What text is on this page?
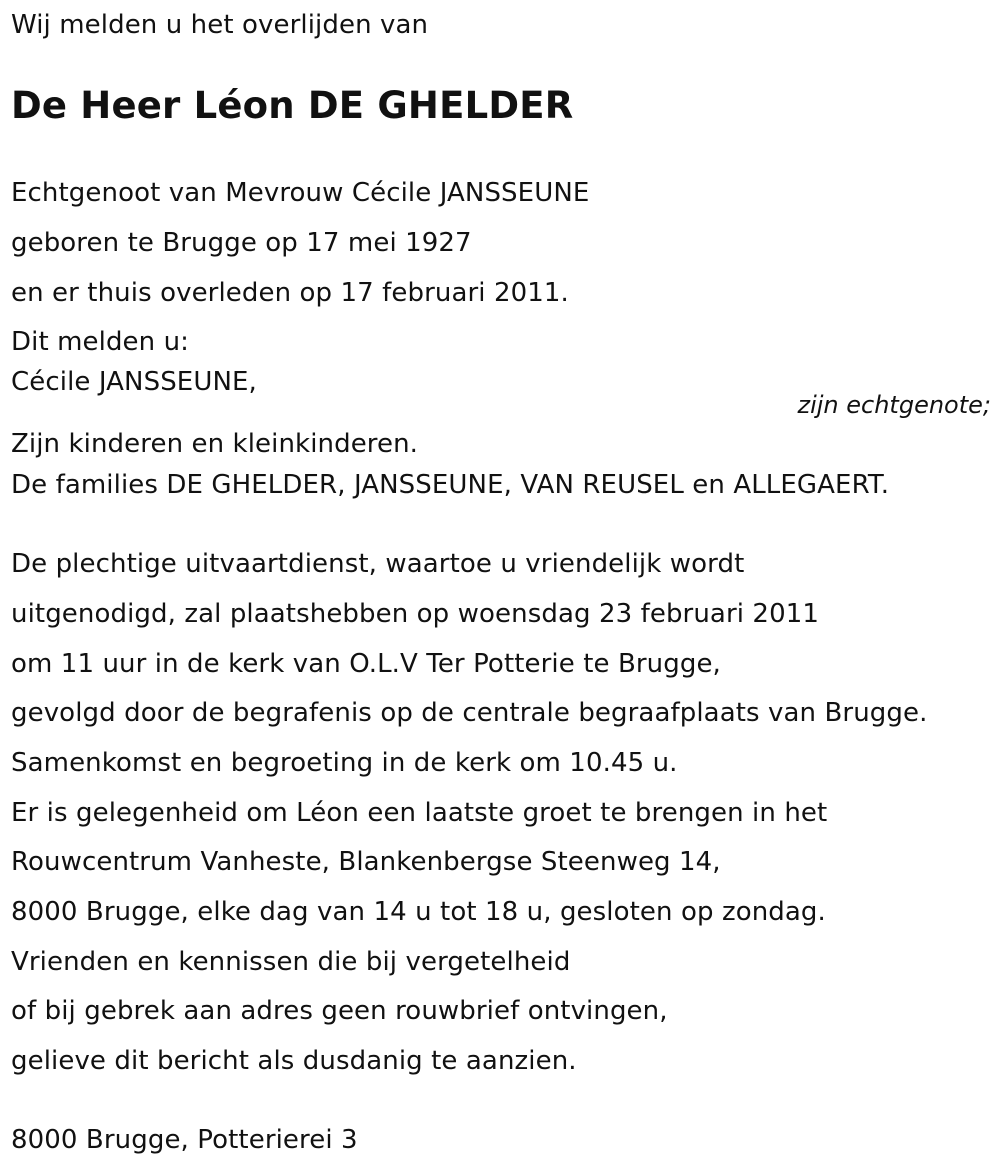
Wij melden u het overlijden van
De Heer Léon DE GHELDER
Echtgenoot van Mevrouw Cécile JANSSEUNE
geboren te Brugge op 17 mei 1927
en er thuis overleden op 17 februari 2011.
Dit melden u:
Cécile JANSSEUNE,
zijn echtgenote;
Zijn kinderen en kleinkinderen.
De families DE GHELDER, JANSSEUNE, VAN REUSEL en ALLEGAERT.
De plechtige uitvaartdienst, waartoe u vriendelijk wordt
uitgenodigd, zal plaatshebben op woensdag 23 februari 2011
om 11 uur in de kerk van O.L.V Ter Potterie te Brugge,
gevolgd door de begrafenis op de centrale begraafplaats van Brugge.
Samenkomst en begroeting in de kerk om 10.45 u.
Er is gelegenheid om Léon een laatste groet te brengen in het
Rouwcentrum Vanheste, Blankenbergse Steenweg 14,
8000 Brugge, elke dag van 14 u tot 18 u, gesloten op zondag.
Vrienden en kennissen die bij vergetelheid
of bij gebrek aan adres geen rouwbrief ontvingen,
gelieve dit bericht als dusdanig te aanzien.
8000 Brugge, Potterierei 3
